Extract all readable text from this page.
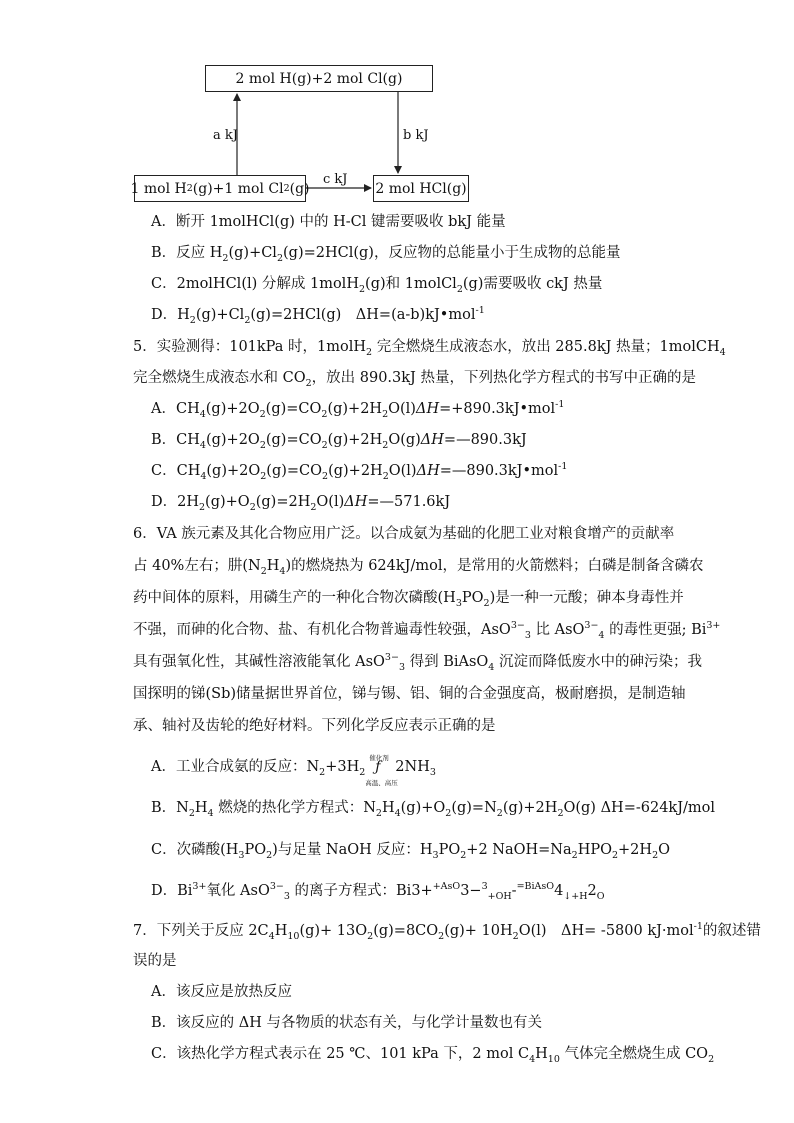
2 mol H(g)+2 mol Cl(g)
1 mol H 2 (g)+1 mol Cl 2 (g)	2 mol HCl(g)
a kJ	b kJ
c kJ
A．断开 1molHCl(g) 中的 H-Cl 键需要吸收 bkJ 能量
B．反应 $H_2(g)+Cl_2(g)=2HCl(g)$，反应物的总能量小于生成物的总能量
C．2molHCl(l) 分解成 1molH$_2$(g)和 1molCl$_2$(g)需要吸收 ckJ 热量
D．$H_2(g)+Cl_2(g)=2HCl(g)$　ΔH=(a-b)kJ•mol$^{-1}$
5．实验测得：101kPa 时，1molH$_2$ 完全燃烧生成液态水，放出 285.8kJ 热量；1molCH$_4$
完全燃烧生成液态水和 $CO_2$，放出 890.3kJ 热量，下列热化学方程式的书写中正确的是
A．$CH_4(g)+2O_2(g)=CO_2(g)+2H_2O(l)\Delta H=+890.3kJ•mol^{-1}$
B．$CH_4(g)+2O_2(g)=CO_2(g)+2H_2O(g)\Delta H=—890.3kJ$
C．$CH_4(g)+2O_2(g)=CO_2(g)+2H_2O(l)\Delta H=—890.3kJ•mol^{-1}$
D．$2H_2(g)+O_2(g)=2H_2O(l)\Delta H=—571.6kJ$
6．VA 族元素及其化合物应用广泛。以合成氨为基础的化肥工业对粮食增产的贡献率
占 40%左右；肼$(N_2H_4)$的燃烧热为 624kJ/mol，是常用的火箭燃料；白磷是制备含磷农
药中间体的原料，用磷生产的一种化合物次磷酸$(H_3PO_2)$是一种一元酸；砷本身毒性并
不强，而砷的化合物、盐、有机化合物普遍毒性较强，AsO$^{3-}_3$ 比 AsO$^{3-}_4$ 的毒性更强; $Bi^{3+}$
具有强氧化性，其碱性溶液能氧化 AsO$^{3-}_3$ 得到 BiAsO$_4$ 沉淀而降低废水中的砷污染；我
国探明的锑(Sb)储量据世界首位，锑与锡、铝、铜的合金强度高，极耐磨损，是制造轴
承、轴衬及齿轮的绝好材料。下列化学反应表示正确的是
A．工业合成氨的反应：$N_2+3H_2$
催化剂
ƒ
高温、高压
$2NH_3$
B．$N_2H_4$ 燃烧的热化学方程式：$N_2H_4(g)+O_2(g)=N_2(g)+2H_2O(g)$ ΔH=-624kJ/mol
C．次磷酸$(H_3PO_2)$与足量 NaOH 反应：$H_3PO_2+2$ $NaOH=Na_2HPO_2+2H_2O$
D．$Bi^{3+}$氧化 AsO$^{3-}_3$ 的离子方程式：$Bi3+^{+AsO}3-^3_{+OH}-^{=BiAsO}4_{↓+H}2_O$
7．下列关于反应 $2C_4H_{10}(g)+ 13O_2(g)=8CO_2(g)+ 10H_2O(l)$　ΔH= -5800 kJ·mol$^{-1}$的叙述错
误的是
A．该反应是放热反应
B．该反应的 ΔH 与各物质的状态有关，与化学计量数也有关
C．该热化学方程式表示在 25 ℃、101 kPa 下，2 mol $C_4H_{10}$ 气体完全燃烧生成 $CO_2$
